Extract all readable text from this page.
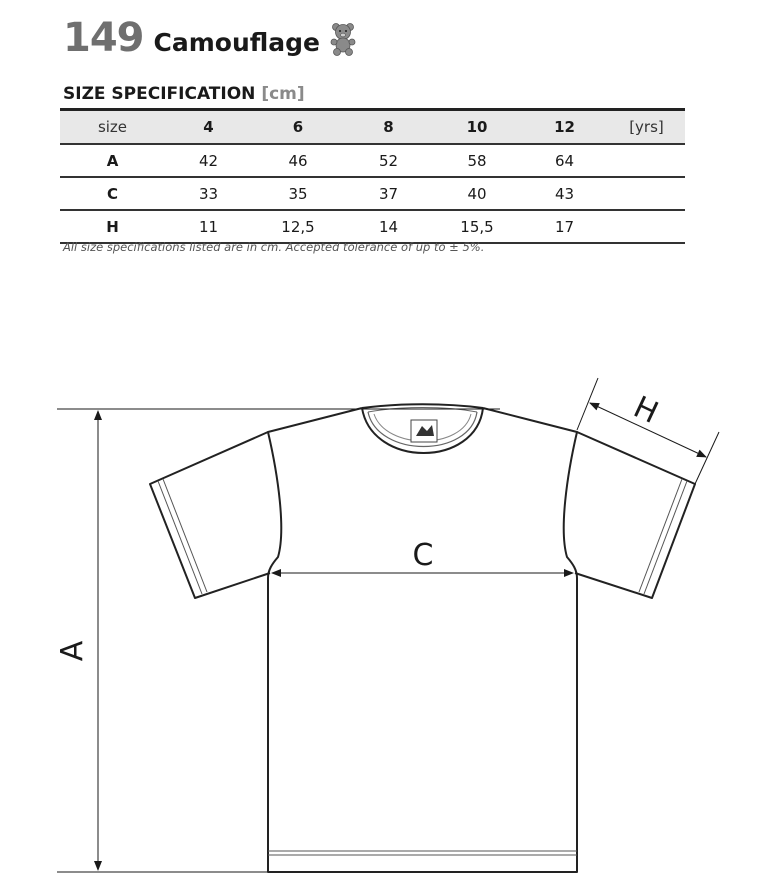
149 Camouflage
SIZE SPECIFICATION [cm]
size	4	6	8	10	12	[yrs]
A	42	46	52	58	64	
C	33	35	37	40	43	
H	11	12,5	14	15,5	17	
All size specifications listed are in cm. Accepted tolerance of up to ± 5%.
A
C
H
